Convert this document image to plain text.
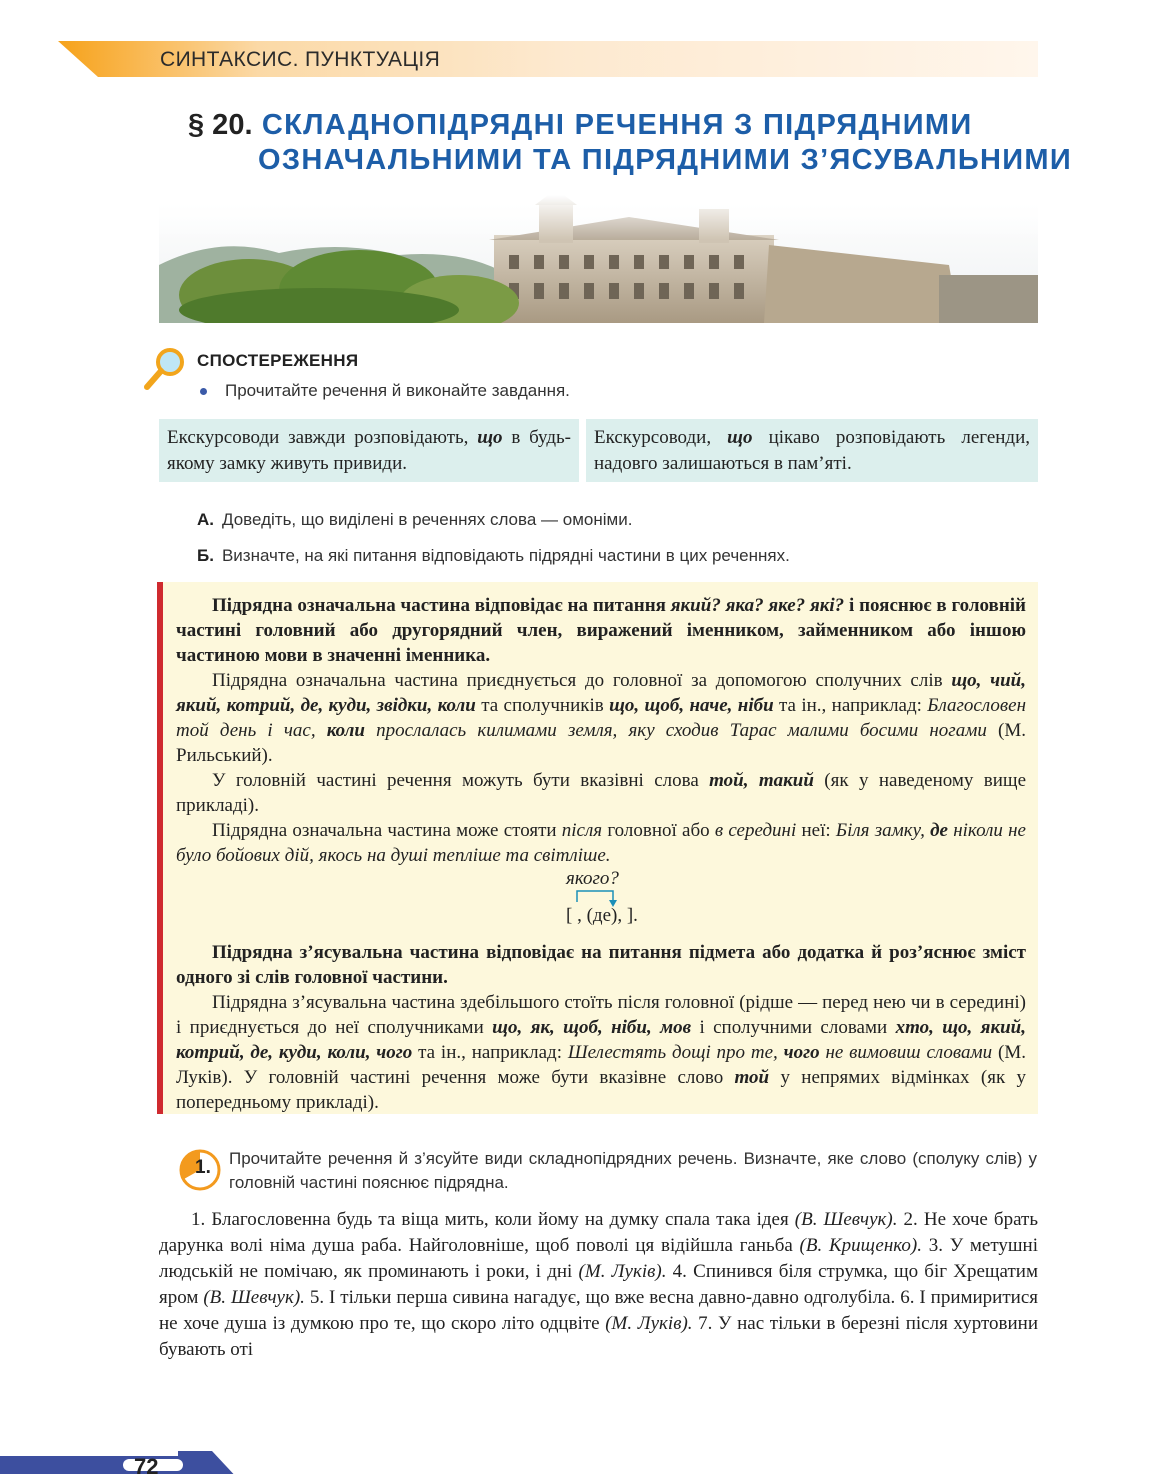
СИНТАКСИС. ПУНКТУАЦІЯ
§ 20. СКЛАДНОПІДРЯДНІ РЕЧЕННЯ З ПІДРЯДНИМИ
ОЗНАЧАЛЬНИМИ ТА ПІДРЯДНИМИ З’ЯСУВАЛЬНИМИ
СПОСТЕРЕЖЕННЯ
Прочитайте речення й виконайте завдання.
Екскурсоводи завжди розповідають, що в будь-якому замку живуть привиди.
Екскурсоводи, що цікаво розповідають легенди, надовго залишаються в пам’яті.
А. Доведіть, що виділені в реченнях слова — омоніми.
Б. Визначте, на які питання відповідають підрядні частини в цих реченнях.

Підрядна означальна частина відповідає на питання який? яка? яке? які? і пояснює в головній частині головний або другорядний член, виражений іменником, займенником або іншою частиною мови в значенні іменника.

Підрядна означальна частина приєднується до головної за допомогою сполучних слів що, чий, який, котрий, де, куди, звідки, коли та сполучників що, щоб, наче, ніби та ін., наприклад: Благословен той день і час, коли прослалась килимами земля, яку сходив Тарас малими босими ногами (М. Рильський).

У головній частині речення можуть бути вказівні слова той, такий (як у наведеному вище прикладі).

Підрядна означальна частина може стояти після головної або в середині неї: Біля замку, де ніколи не було бойових дій, якось на душі тепліше та світліше.

Підрядна з’ясувальна частина відповідає на питання підмета або додатка й роз’яснює зміст одного зі слів головної частини.

Підрядна з’ясувальна частина здебільшого стоїть після головної (рідше — перед нею чи в середині) і приєднується до неї сполучниками що, як, щоб, ніби, мов і сполучними словами хто, що, який, котрий, де, куди, коли, чого та ін., наприклад: Шелестять дощі про те, чого не вимовиш словами (М. Луків). У головній частині речення може бути вказівне слово той у непрямих відмінках (як у попередньому прикладі).

якого?
[ , (де), ].
1. Прочитайте речення й з’ясуйте види складнопідрядних речень. Визначте, яке слово (сполуку слів) у головній частині пояснює підрядна.

1. Благословенна будь та віща мить, коли йому на думку спала така ідея (В. Шевчук). 2. Не хоче брать дарунка волі німа душа раба. Найголовніше, щоб поволі ця відійшла ганьба (В. Крищенко). 3. У метушні людській не помічаю, як проминають і роки, і дні (М. Луків). 4. Спинився біля струмка, що біг Хрещатим яром (В. Шевчук). 5. І тільки перша сивина нагадує, що вже весна давно-давно одголубіла. 6. І примиритися не хоче душа із думкою про те, що скоро літо одцвіте (М. Луків). 7. У нас тільки в березні після хуртовини бувають оті

72
